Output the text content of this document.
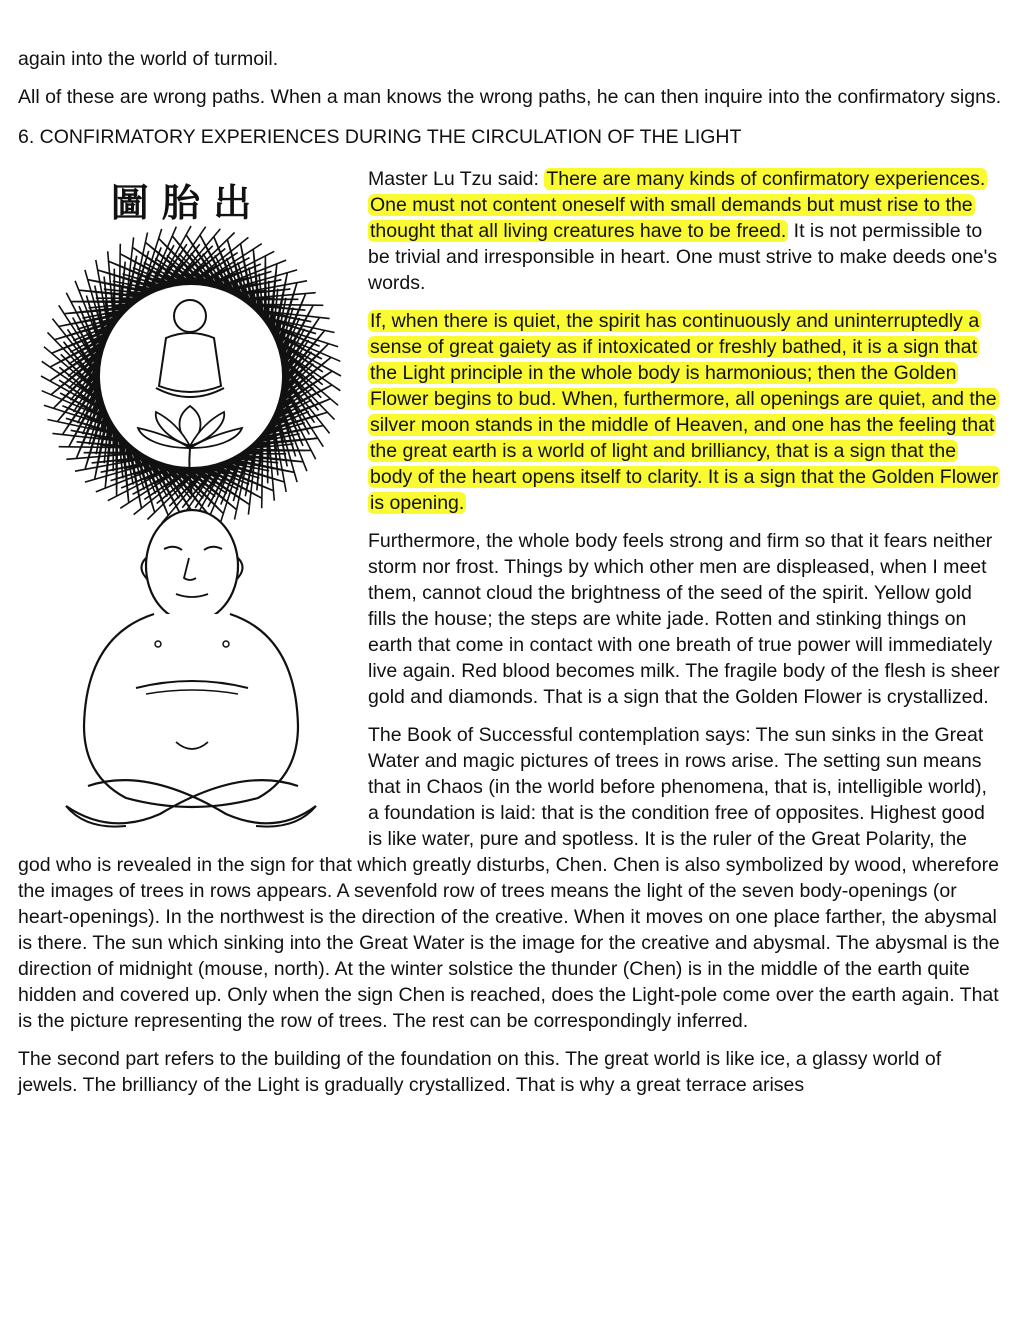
again into the world of turmoil.

All of these are wrong paths. When a man knows the wrong paths, he can then inquire into the confirmatory signs.

6. CONFIRMATORY EXPERIENCES DURING THE CIRCULATION OF THE LIGHT

圖 胎 出

Master Lu Tzu said: There are many kinds of confirmatory experiences. One must not content oneself with small demands but must rise to the thought that all living creatures have to be freed. It is not permissible to be trivial and irresponsible in heart. One must strive to make deeds one's words.

If, when there is quiet, the spirit has continuously and uninterruptedly a sense of great gaiety as if intoxicated or freshly bathed, it is a sign that the Light principle in the whole body is harmonious; then the Golden Flower begins to bud. When, furthermore, all openings are quiet, and the silver moon stands in the middle of Heaven, and one has the feeling that the great earth is a world of light and brilliancy, that is a sign that the body of the heart opens itself to clarity. It is a sign that the Golden Flower is opening.

Furthermore, the whole body feels strong and firm so that it fears neither storm nor frost. Things by which other men are displeased, when I meet them, cannot cloud the brightness of the seed of the spirit. Yellow gold fills the house; the steps are white jade. Rotten and stinking things on earth that come in contact with one breath of true power will immediately live again. Red blood becomes milk. The fragile body of the flesh is sheer gold and diamonds. That is a sign that the Golden Flower is crystallized.

The Book of Successful contemplation says: The sun sinks in the Great Water and magic pictures of trees in rows arise. The setting sun means that in Chaos (in the world before phenomena, that is, intelligible world), a foundation is laid: that is the condition free of opposites. Highest good is like water, pure and spotless. It is the ruler of the Great Polarity, the god who is revealed in the sign for that which greatly disturbs, Chen. Chen is also symbolized by wood, wherefore the images of trees in rows appears. A sevenfold row of trees means the light of the seven body-openings (or heart-openings). In the northwest is the direction of the creative. When it moves on one place farther, the abysmal is there. The sun which sinking into the Great Water is the image for the creative and abysmal. The abysmal is the direction of midnight (mouse, north). At the winter solstice the thunder (Chen) is in the middle of the earth quite hidden and covered up. Only when the sign Chen is reached, does the Light-pole come over the earth again. That is the picture representing the row of trees. The rest can be correspondingly inferred.

The second part refers to the building of the foundation on this. The great world is like ice, a glassy world of jewels. The brilliancy of the Light is gradually crystallized. That is why a great terrace arises
